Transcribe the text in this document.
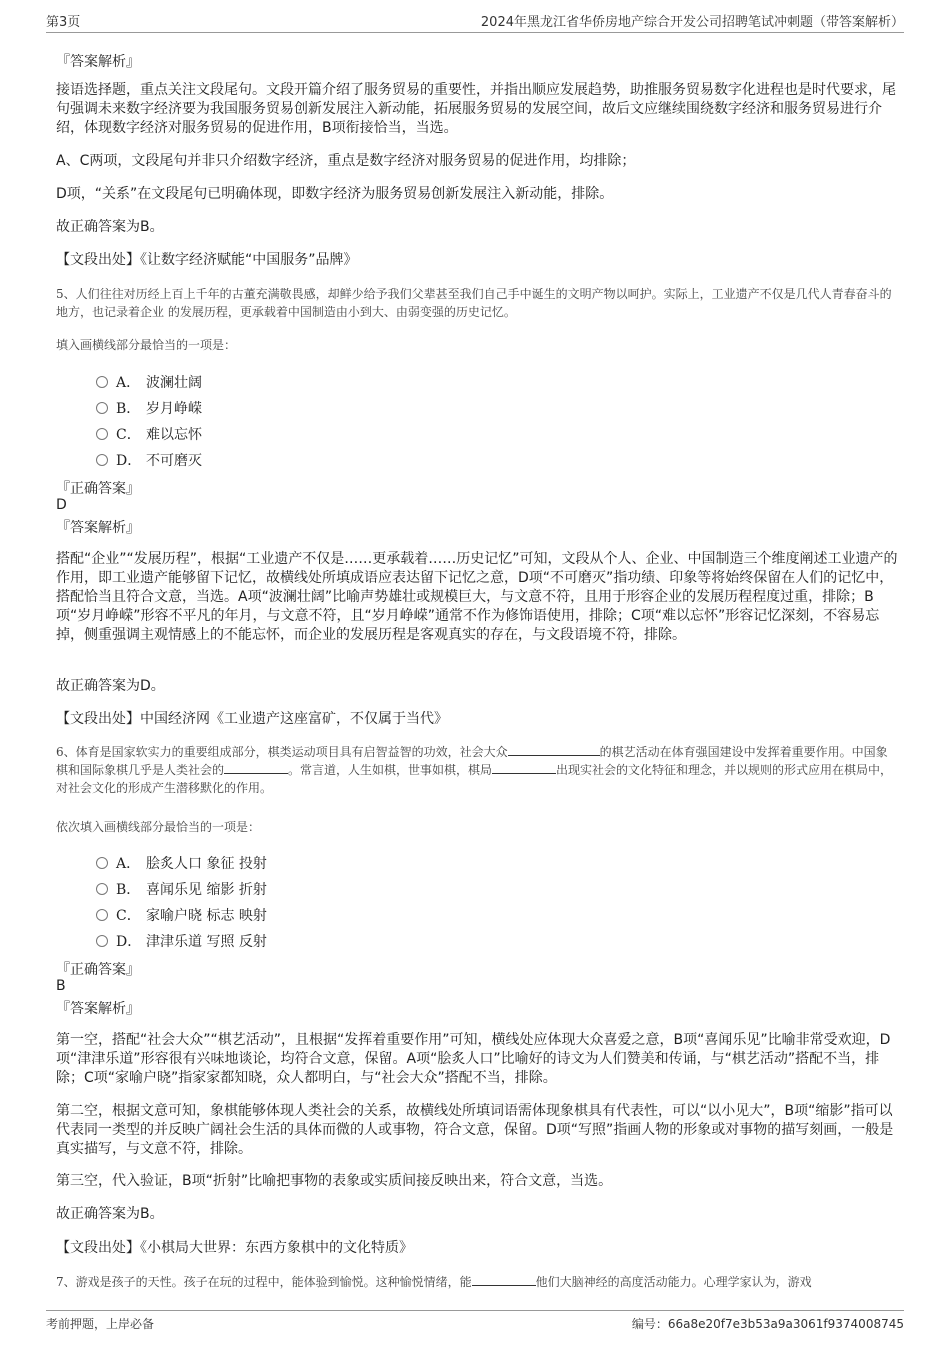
第3页	2024年黑龙江省华侨房地产综合开发公司招聘笔试冲刺题（带答案解析）
『答案解析』
接语选择题，重点关注文段尾句。文段开篇介绍了服务贸易的重要性，并指出顺应发展趋势，助推服务贸易数字化进程也是时代要求，尾句强调未来数字经济要为我国服务贸易创新发展注入新动能，拓展服务贸易的发展空间，故后文应继续围绕数字经济和服务贸易进行介绍，体现数字经济对服务贸易的促进作用，B项衔接恰当，当选。
A、C两项，文段尾句并非只介绍数字经济，重点是数字经济对服务贸易的促进作用，均排除；
D项，“关系”在文段尾句已明确体现，即数字经济为服务贸易创新发展注入新动能，排除。
故正确答案为B。
【文段出处】《让数字经济赋能“中国服务”品牌》
5、人们往往对历经上百上千年的古董充满敬畏感，却鲜少给予我们父辈甚至我们自己手中诞生的文明产物以呵护。实际上，工业遗产不仅是几代人青春奋斗的地方，也记录着企业 的发展历程，更承载着中国制造由小到大、由弱变强的历史记忆。
填入画横线部分最恰当的一项是：
A． 波澜壮阔
B． 岁月峥嵘
C． 难以忘怀
D． 不可磨灭
『正确答案』
D
『答案解析』
搭配“企业”“发展历程”，根据“工业遗产不仅是……更承载着……历史记忆”可知，文段从个人、企业、中国制造三个维度阐述工业遗产的作用，即工业遗产能够留下记忆，故横线处所填成语应表达留下记忆之意，D项“不可磨灭”指功绩、印象等将始终保留在人们的记忆中，搭配恰当且符合文意，当选。A项“波澜壮阔”比喻声势雄壮或规模巨大，与文意不符，且用于形容企业的发展历程程度过重，排除；B项“岁月峥嵘”形容不平凡的年月，与文意不符，且“岁月峥嵘”通常不作为修饰语使用，排除；C项“难以忘怀”形容记忆深刻，不容易忘掉，侧重强调主观情感上的不能忘怀，而企业的发展历程是客观真实的存在，与文段语境不符，排除。
故正确答案为D。
【文段出处】中国经济网《工业遗产这座富矿，不仅属于当代》
6、体育是国家软实力的重要组成部分，棋类运动项目具有启智益智的功效，社会大众	的棋艺活动在体育强国建设中发挥着重要作用。中国象棋和国际象棋几乎是人类社会的	。常言道，人生如棋，世事如棋，棋局	出现实社会的文化特征和理念，并以规则的形式应用在棋局中，对社会文化的形成产生潜移默化的作用。
依次填入画横线部分最恰当的一项是：
A． 脍炙人口 象征 投射
B． 喜闻乐见 缩影 折射
C． 家喻户晓 标志 映射
D． 津津乐道 写照 反射
『正确答案』
B
『答案解析』
第一空，搭配“社会大众”“棋艺活动”，且根据“发挥着重要作用”可知，横线处应体现大众喜爱之意，B项“喜闻乐见”比喻非常受欢迎，D项“津津乐道”形容很有兴味地谈论，均符合文意，保留。A项“脍炙人口”比喻好的诗文为人们赞美和传诵，与“棋艺活动”搭配不当，排除；C项“家喻户晓”指家家都知晓，众人都明白，与“社会大众”搭配不当，排除。
第二空，根据文意可知，象棋能够体现人类社会的关系，故横线处所填词语需体现象棋具有代表性，可以“以小见大”，B项“缩影”指可以代表同一类型的并反映广阔社会生活的具体而微的人或事物，符合文意，保留。D项“写照”指画人物的形象或对事物的描写刻画，一般是真实描写，与文意不符，排除。
第三空，代入验证，B项“折射”比喻把事物的表象或实质间接反映出来，符合文意，当选。
故正确答案为B。
【文段出处】《小棋局大世界：东西方象棋中的文化特质》
7、游戏是孩子的天性。孩子在玩的过程中，能体验到愉悦。这种愉悦情绪，能	他们大脑神经的高度活动能力。心理学家认为，游戏
考前押题，上岸必备	编号：66a8e20f7e3b53a9a3061f9374008745
